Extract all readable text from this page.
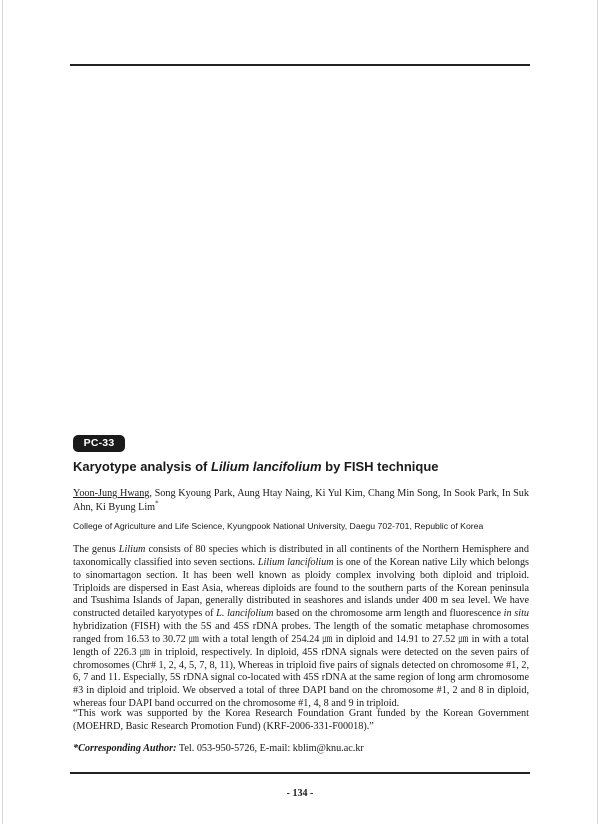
PC-33
Karyotype analysis of Lilium lancifolium by FISH technique
Yoon-Jung Hwang, Song Kyoung Park, Aung Htay Naing, Ki Yul Kim, Chang Min Song, In Sook Park, In Suk Ahn, Ki Byung Lim*
College of Agriculture and Life Science, Kyungpook National University, Daegu 702-701, Republic of Korea
The genus Lilium consists of 80 species which is distributed in all continents of the Northern Hemisphere and taxonomically classified into seven sections. Lilium lancifolium is one of the Korean native Lily which belongs to sinomartagon section. It has been well known as ploidy complex involving both diploid and triploid. Triploids are dispersed in East Asia, whereas diploids are found to the southern parts of the Korean peninsula and Tsushima Islands of Japan, generally distributed in seashores and islands under 400 m sea level. We have constructed detailed karyotypes of L. lancifolium based on the chromosome arm length and fluorescence in situ hybridization (FISH) with the 5S and 45S rDNA probes. The length of the somatic metaphase chromosomes ranged from 16.53 to 30.72 ㎛ with a total length of 254.24 ㎛ in diploid and 14.91 to 27.52 ㎛ in with a total length of 226.3 ㎛ in triploid, respectively. In diploid, 45S rDNA signals were detected on the seven pairs of chromosomes (Chr# 1, 2, 4, 5, 7, 8, 11), Whereas in triploid five pairs of signals detected on chromosome #1, 2, 6, 7 and 11. Especially, 5S rDNA signal co-located with 45S rDNA at the same region of long arm chromosome #3 in diploid and triploid. We observed a total of three DAPI band on the chromosome #1, 2 and 8 in diploid, whereas four DAPI band occurred on the chromosome #1, 4, 8 and 9 in triploid.
“This work was supported by the Korea Research Foundation Grant funded by the Korean Government (MOEHRD, Basic Research Promotion Fund) (KRF-2006-331-F00018).”
*Corresponding Author: Tel. 053-950-5726, E-mail: kblim@knu.ac.kr
- 134 -
